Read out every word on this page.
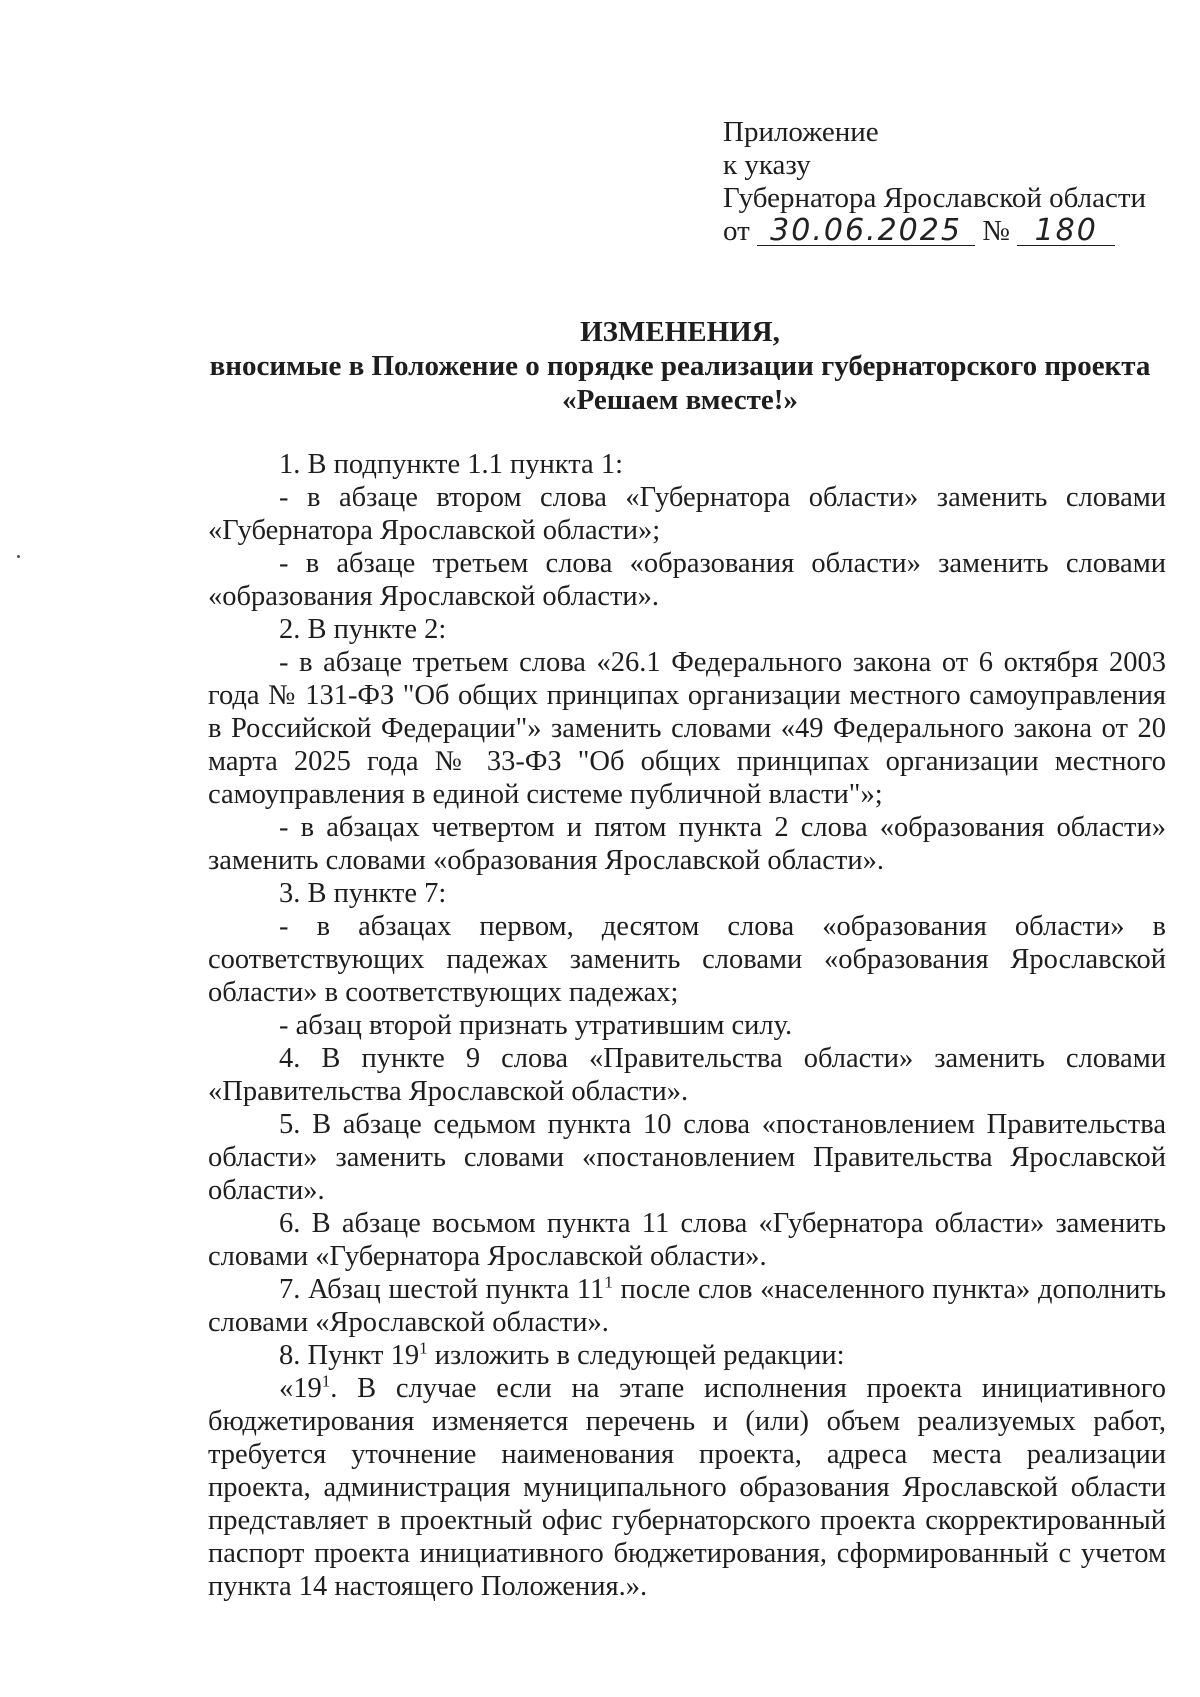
Приложение
к указу
Губернатора Ярославской области
от 30.06.2025 № 180
ИЗМЕНЕНИЯ,
вносимые в Положение о порядке реализации губернаторского проекта
«Решаем вместе!»

1. В подпункте 1.1 пункта 1:

- в абзаце втором слова «Губернатора области» заменить словами «Губернатора Ярославской области»;

- в абзаце третьем слова «образования области» заменить словами «образования Ярославской области».

2. В пункте 2:

- в абзаце третьем слова «26.1 Федерального закона от 6 октября 2003 года № 131-ФЗ "Об общих принципах организации местного самоуправления в Российской Федерации"» заменить словами «49 Федерального закона от 20 марта 2025 года № 33-ФЗ "Об общих принципах организации местного самоуправления в единой системе публичной власти"»;

- в абзацах четвертом и пятом пункта 2 слова «образования области» заменить словами «образования Ярославской области».

3. В пункте 7:

- в абзацах первом, десятом слова «образования области» в соответствующих падежах заменить словами «образования Ярославской области» в соответствующих падежах;

- абзац второй признать утратившим силу.

4. В пункте 9 слова «Правительства области» заменить словами «Правительства Ярославской области».

5. В абзаце седьмом пункта 10 слова «постановлением Правительства области» заменить словами «постановлением Правительства Ярославской области».

6. В абзаце восьмом пункта 11 слова «Губернатора области» заменить словами «Губернатора Ярославской области».

7. Абзац шестой пункта $11^1$ после слов «населенного пункта» дополнить словами «Ярославской области».

8. Пункт $19^1$ изложить в следующей редакции:

«$19^1$. В случае если на этапе исполнения проекта инициативного бюджетирования изменяется перечень и (или) объем реализуемых работ, требуется уточнение наименования проекта, адреса места реализации проекта, администрация муниципального образования Ярославской области представляет в проектный офис губернаторского проекта скорректированный паспорт проекта инициативного бюджетирования, сформированный с учетом пункта 14 настоящего Положения.».
